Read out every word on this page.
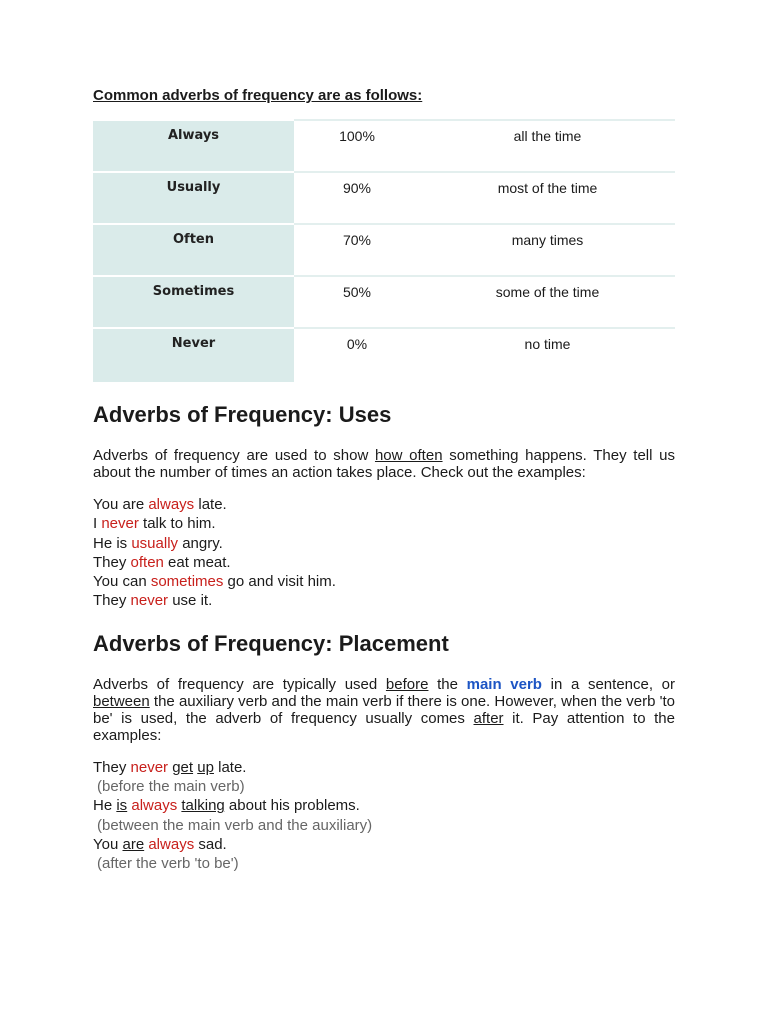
Common adverbs of frequency are as follows:

Always	100%	all the time
Usually	90%	most of the time
Often	70%	many times
Sometimes	50%	some of the time
Never	0%	no time
Adverbs of Frequency: Uses

Adverbs of frequency are used to show how often something happens. They tell us about the number of times an action takes place. Check out the examples:

You are always late.
I never talk to him.
He is usually angry.
They often eat meat.
You can sometimes go and visit him.
They never use it.
Adverbs of Frequency: Placement

Adverbs of frequency are typically used before the main verb in a sentence, or between the auxiliary verb and the main verb if there is one. However, when the verb 'to be' is used, the adverb of frequency usually comes after it. Pay attention to the examples:

They never get up late.
(before the main verb)
He is always talking about his problems.
(between the main verb and the auxiliary)
You are always sad.
(after the verb 'to be')
